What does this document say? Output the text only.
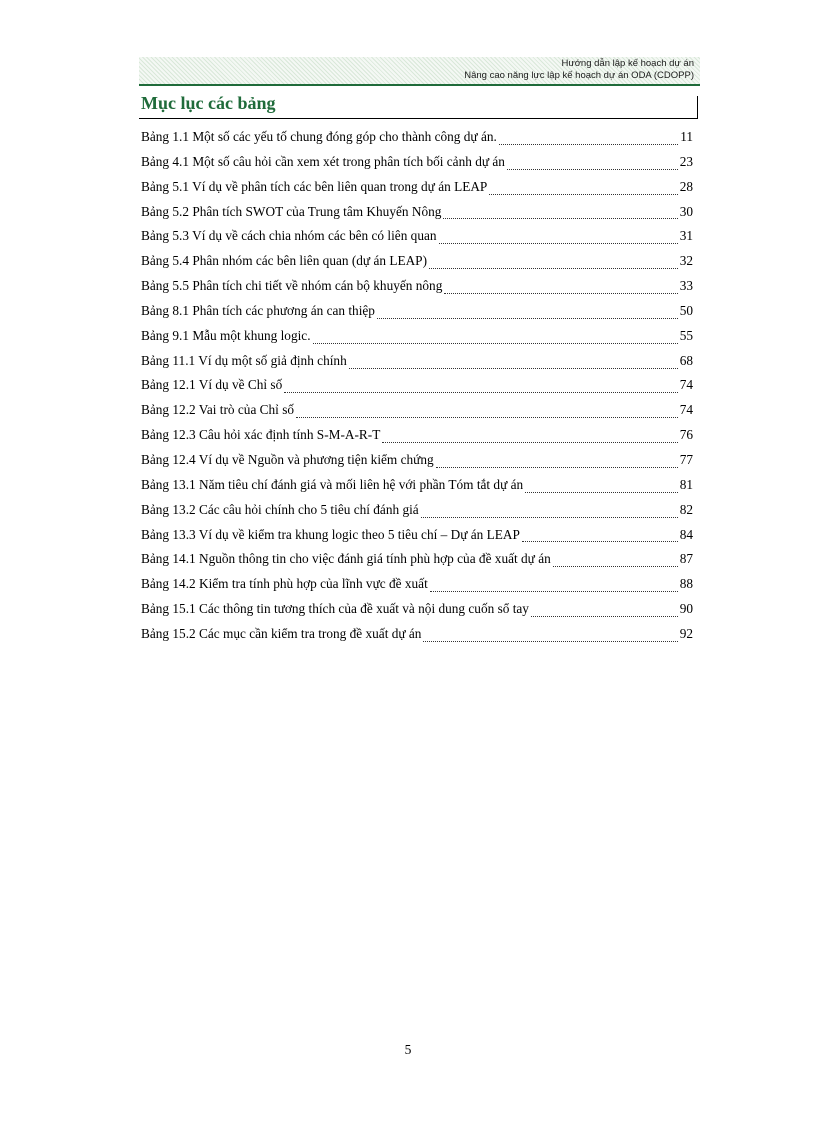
Hướng dẫn lập kế hoạch dự án
Nâng cao năng lực lập kế hoạch dự án ODA (CDOPP)
Mục lục các bảng
Bảng 1.1 Một số các yếu tố chung đóng góp cho thành công dự án.	11
Bảng 4.1 Một số câu hỏi cần xem xét trong phân tích bối cảnh dự án	23
Bảng 5.1 Ví dụ về phân tích các bên liên quan trong dự án LEAP	28
Bảng 5.2 Phân tích SWOT của Trung tâm Khuyến Nông	30
Bảng 5.3 Ví dụ về cách chia nhóm các bên có liên quan	31
Bảng 5.4 Phân nhóm các bên liên quan (dự án LEAP)	32
Bảng 5.5 Phân tích chi tiết về nhóm cán bộ khuyến nông	33
Bảng 8.1 Phân tích các phương án can thiệp	50
Bảng 9.1 Mẫu một khung logic.	55
Bảng 11.1 Ví dụ một số giả định chính	68
Bảng 12.1 Ví dụ về Chỉ số	74
Bảng 12.2 Vai trò của Chỉ số	74
Bảng 12.3 Câu hỏi xác định tính S-M-A-R-T	76
Bảng 12.4 Ví dụ về Nguồn và phương tiện kiểm chứng	77
Bảng 13.1 Năm tiêu chí đánh giá và mối liên hệ với phần Tóm tắt dự án	81
Bảng 13.2 Các câu hỏi chính cho 5 tiêu chí đánh giá	82
Bảng 13.3 Ví dụ về kiểm tra khung logic theo 5 tiêu chí – Dự án LEAP	84
Bảng 14.1 Nguồn thông tin cho việc đánh giá tính phù hợp của đề xuất dự án	87
Bảng 14.2 Kiểm tra tính phù hợp của lĩnh vực đề xuất	88
Bảng 15.1 Các thông tin tương thích của đề xuất và nội dung cuốn sổ tay	90
Bảng 15.2 Các mục cần kiểm tra trong đề xuất dự án	92
5
